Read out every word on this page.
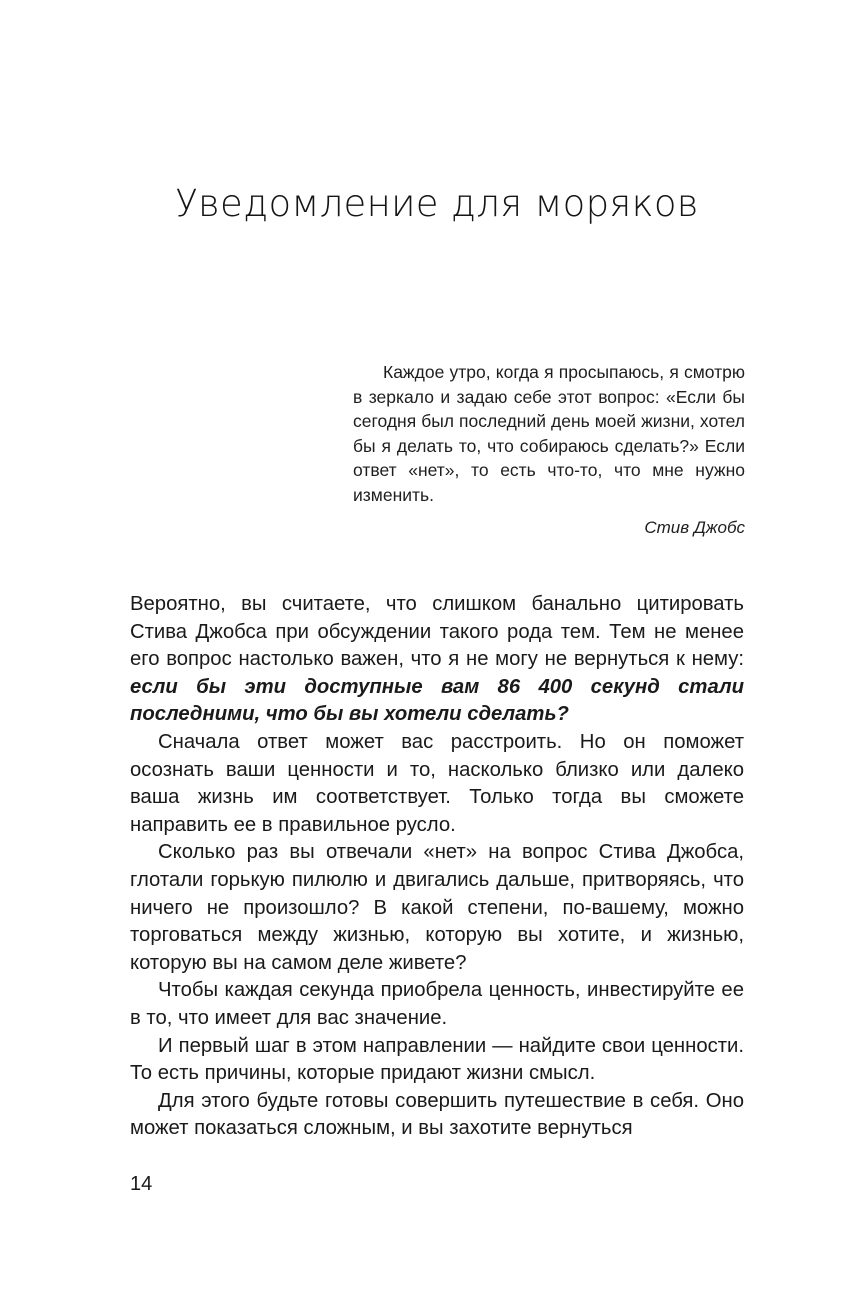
Уведомление для моряков

Каждое утро, когда я просыпаюсь, я смотрю в зеркало и задаю себе этот вопрос: «Если бы сегодня был последний день моей жизни, хотел бы я делать то, что собираюсь сделать?» Если ответ «нет», то есть что-то, что мне нужно изменить.

Стив Джобс

Вероятно, вы считаете, что слишком банально цитировать Стива Джобса при обсуждении такого рода тем. Тем не менее его вопрос настолько важен, что я не могу не вернуться к нему: если бы эти доступные вам 86 400 секунд стали последними, что бы вы хотели сделать?

Сначала ответ может вас расстроить. Но он поможет осознать ваши ценности и то, насколько близко или далеко ваша жизнь им соответствует. Только тогда вы сможете направить ее в правильное русло.

Сколько раз вы отвечали «нет» на вопрос Стива Джобса, глотали горькую пилюлю и двигались дальше, притворяясь, что ничего не произошло? В какой степени, по-вашему, можно торговаться между жизнью, которую вы хотите, и жизнью, которую вы на самом деле живете?

Чтобы каждая секунда приобрела ценность, инвестируйте ее в то, что имеет для вас значение.

И первый шаг в этом направлении — найдите свои ценности. То есть причины, которые придают жизни смысл.

Для этого будьте готовы совершить путешествие в себя. Оно может показаться сложным, и вы захотите вернуться

14
